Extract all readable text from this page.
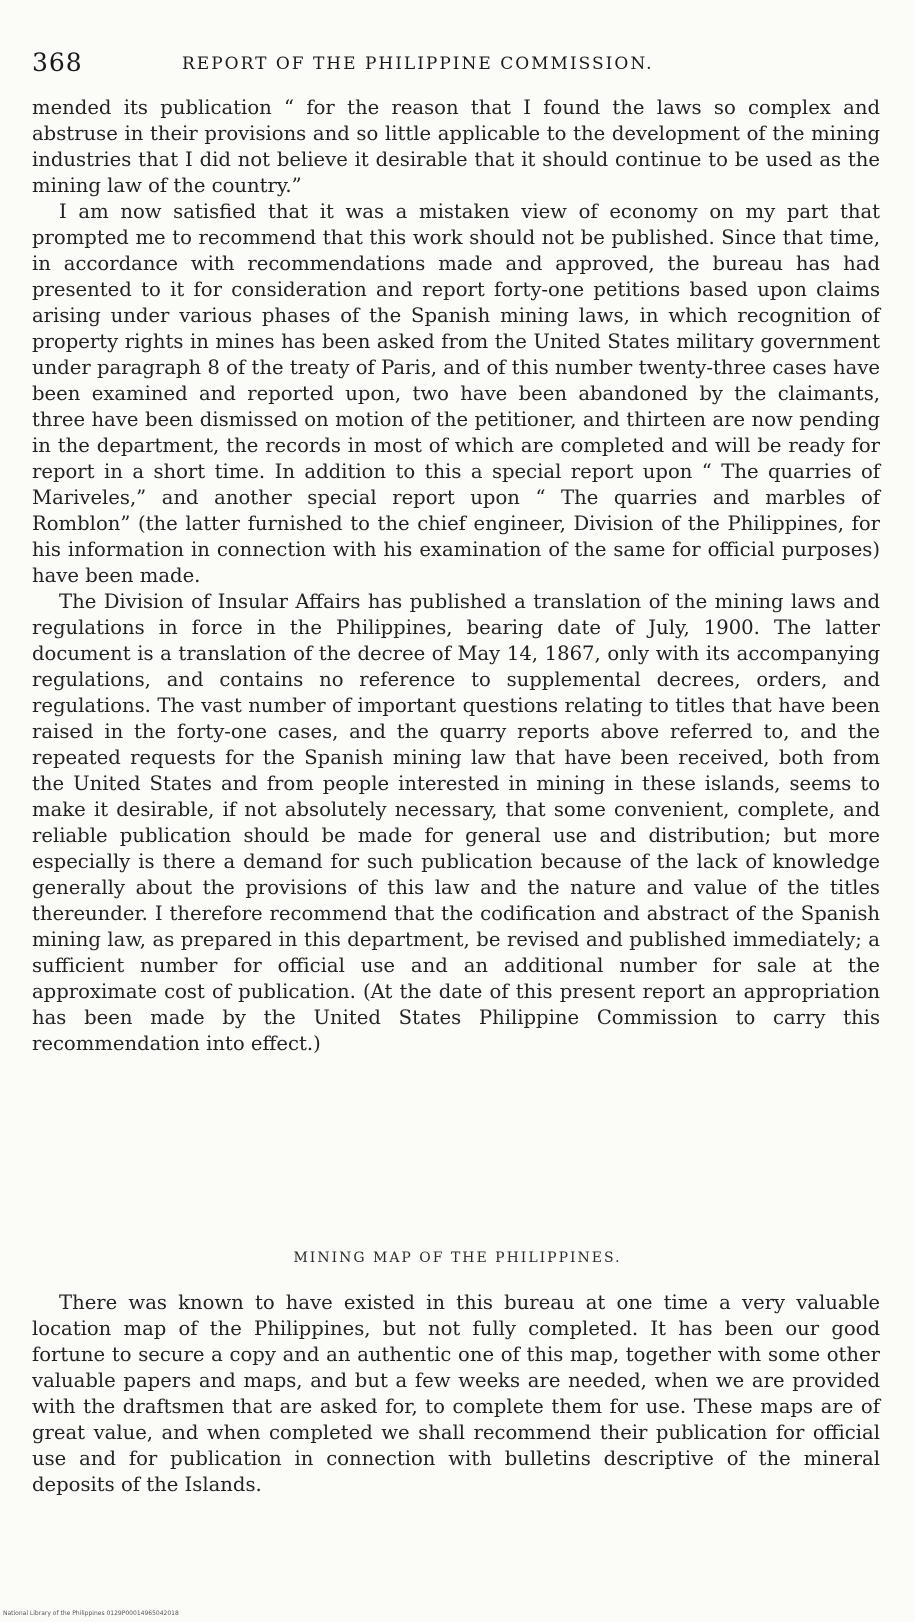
368	REPORT OF THE PHILIPPINE COMMISSION.

mended its publication “ for the reason that I found the laws so complex and abstruse in their provisions and so little applicable to the development of the mining industries that I did not believe it desirable that it should continue to be used as the mining law of the country.”

I am now satisfied that it was a mistaken view of economy on my part that prompted me to recommend that this work should not be published. Since that time, in accordance with recommendations made and approved, the bureau has had presented to it for consideration and report forty-one petitions based upon claims arising under various phases of the Spanish mining laws, in which recognition of property rights in mines has been asked from the United States military government under paragraph 8 of the treaty of Paris, and of this number twenty-three cases have been examined and reported upon, two have been abandoned by the claimants, three have been dismissed on motion of the petitioner, and thirteen are now pending in the department, the records in most of which are completed and will be ready for report in a short time. In addition to this a special report upon “ The quarries of Mariveles,” and another special report upon “ The quarries and marbles of Romblon” (the latter furnished to the chief engineer, Division of the Philippines, for his information in connection with his examination of the same for official purposes) have been made.

The Division of Insular Affairs has published a translation of the mining laws and regulations in force in the Philippines, bearing date of July, 1900. The latter document is a translation of the decree of May 14, 1867, only with its accompanying regulations, and contains no reference to supplemental decrees, orders, and regulations. The vast number of important questions relating to titles that have been raised in the forty-one cases, and the quarry reports above referred to, and the repeated requests for the Spanish mining law that have been received, both from the United States and from people interested in mining in these islands, seems to make it desirable, if not absolutely necessary, that some convenient, complete, and reliable publication should be made for general use and distribution; but more especially is there a demand for such publication because of the lack of knowledge generally about the provisions of this law and the nature and value of the titles thereunder. I therefore recommend that the codification and abstract of the Spanish mining law, as prepared in this department, be revised and published immediately; a sufficient number for official use and an additional number for sale at the approximate cost of publication. (At the date of this present report an appropriation has been made by the United States Philippine Commission to carry this recommendation into effect.)

MINING MAP OF THE PHILIPPINES.

There was known to have existed in this bureau at one time a very valuable location map of the Philippines, but not fully completed. It has been our good fortune to secure a copy and an authentic one of this map, together with some other valuable papers and maps, and but a few weeks are needed, when we are provided with the draftsmen that are asked for, to complete them for use. These maps are of great value, and when completed we shall recommend their publication for official use and for publication in connection with bulletins descriptive of the mineral deposits of the Islands.

National Library of the Philippines 0129P00014965042018
